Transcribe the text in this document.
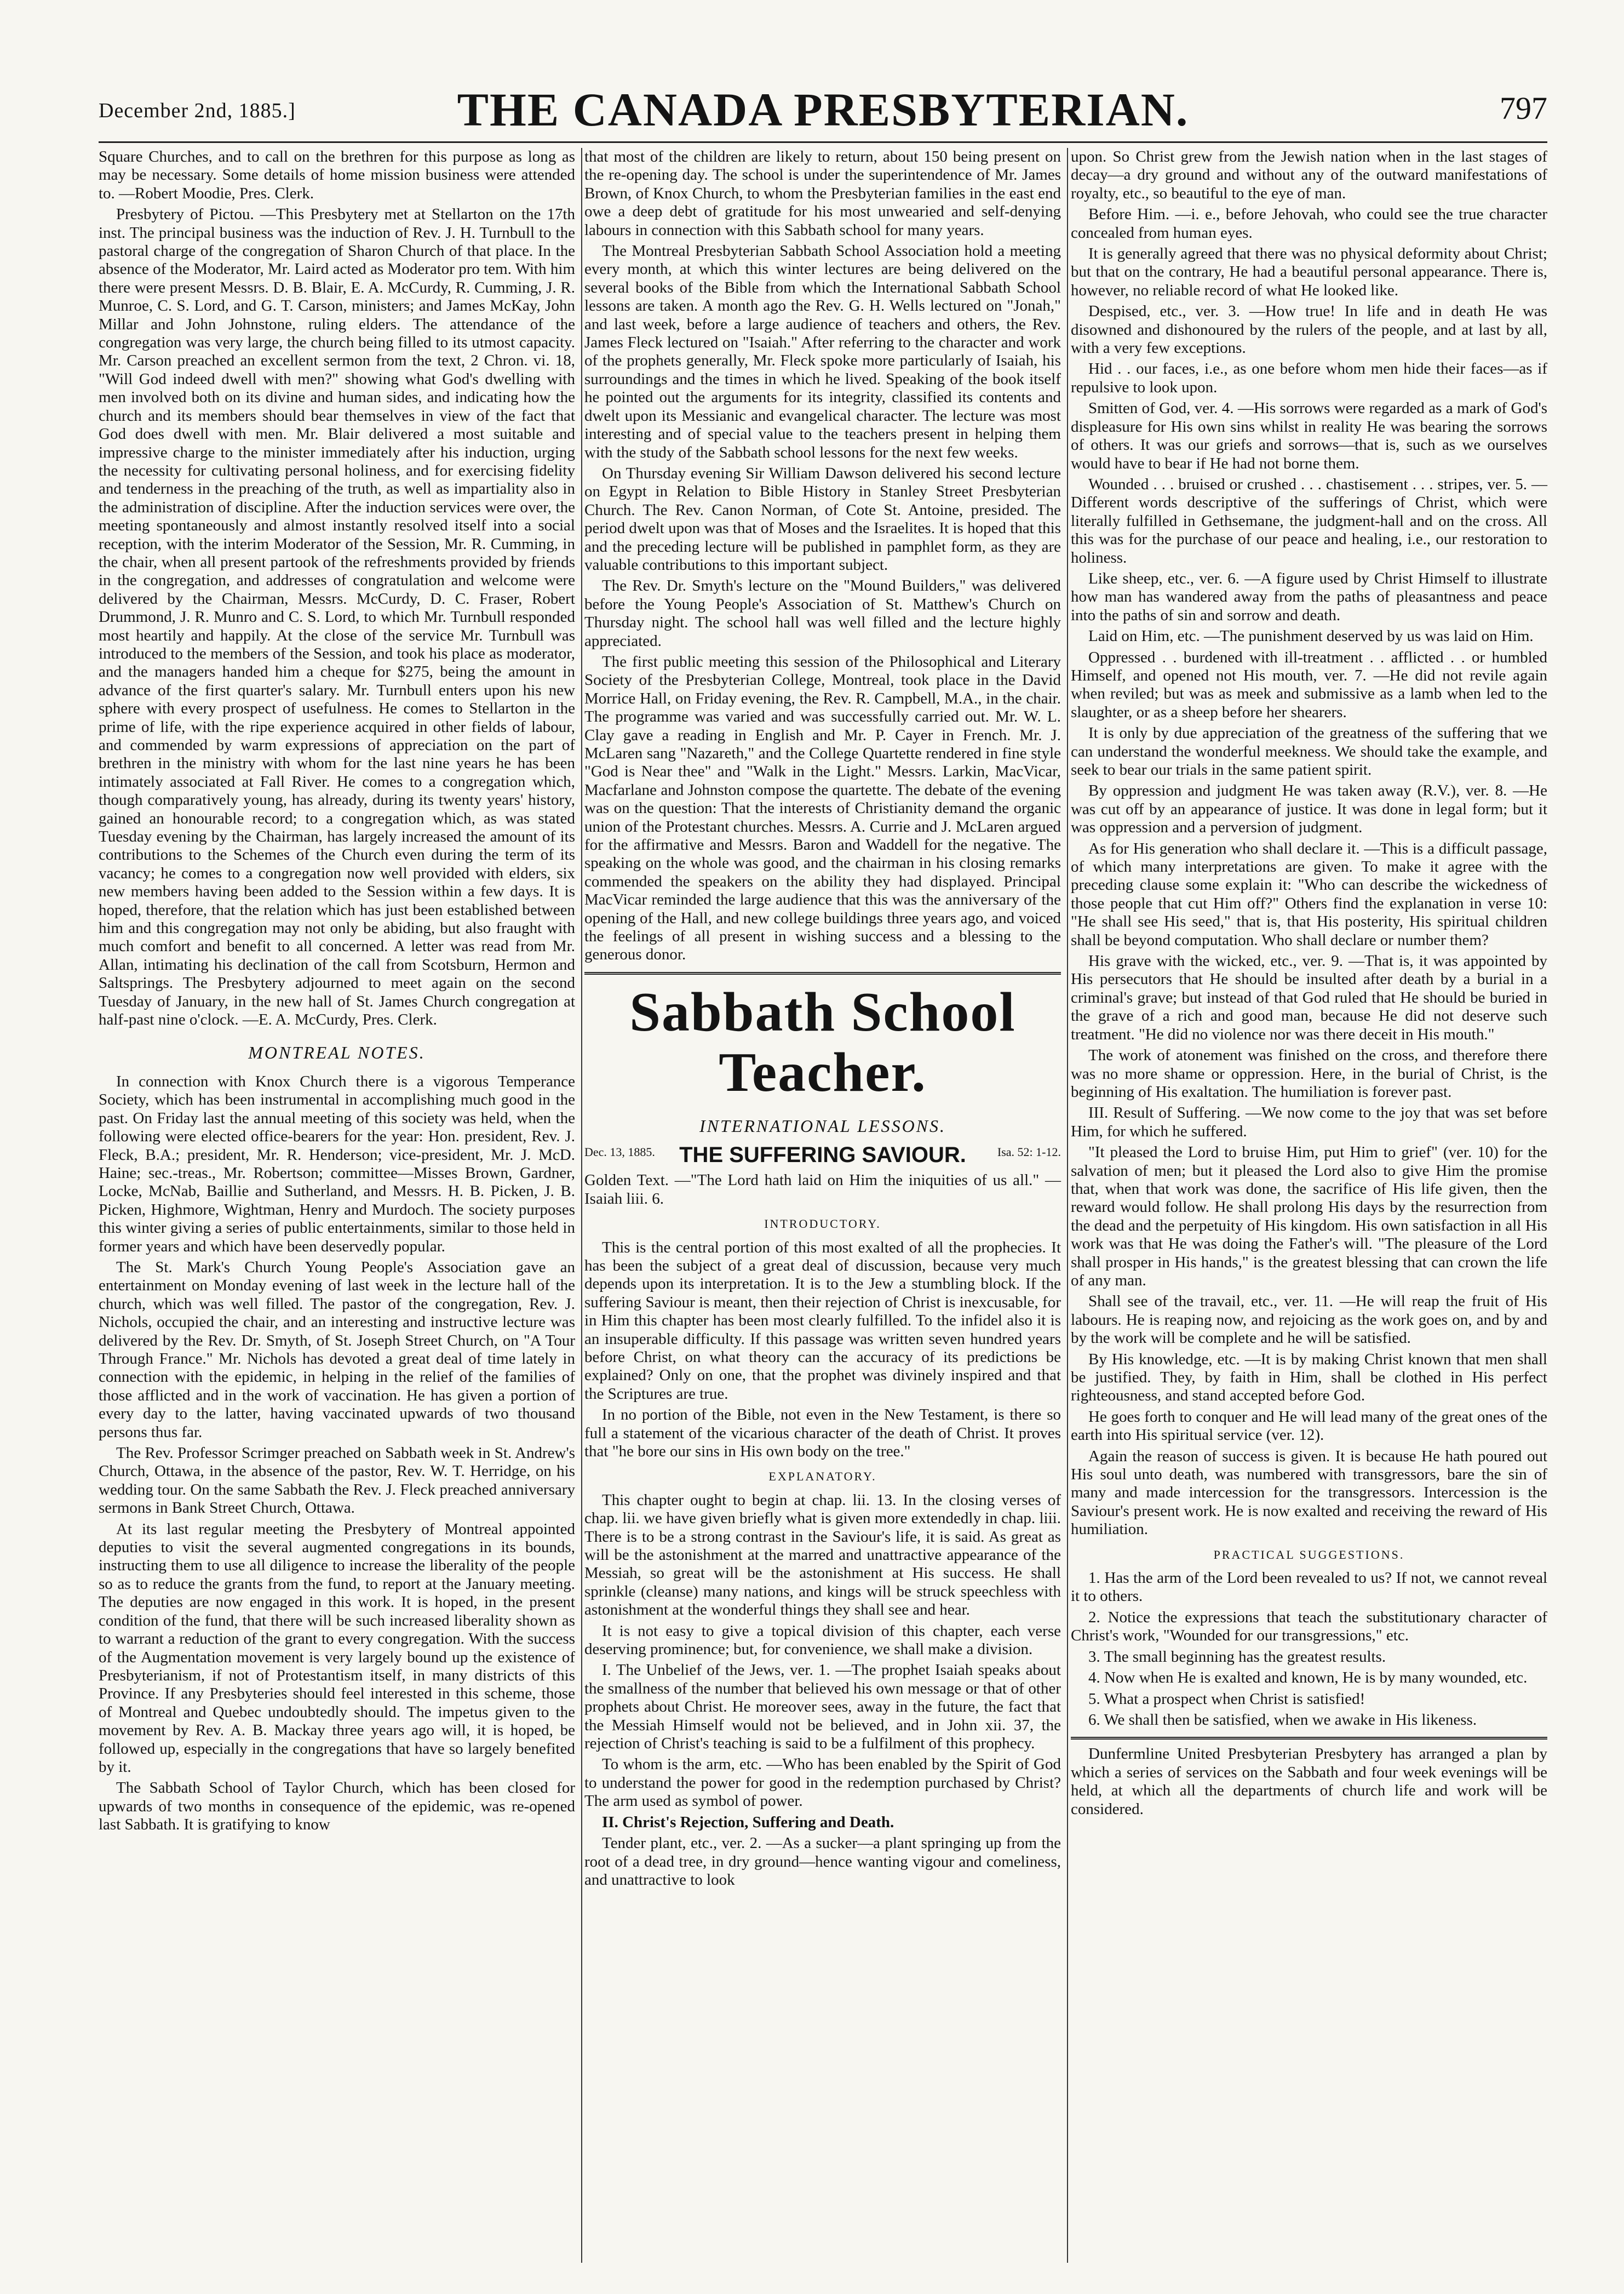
December 2nd, 1885.]	THE CANADA PRESBYTERIAN.	797

Square Churches, and to call on the brethren for this purpose as long as may be necessary. Some details of home mission business were attended to. —Robert Moodie, Pres. Clerk.

Presbytery of Pictou. —This Presbytery met at Stellarton on the 17th inst. The principal business was the induction of Rev. J. H. Turnbull to the pastoral charge of the congregation of Sharon Church of that place. In the absence of the Moderator, Mr. Laird acted as Moderator pro tem. With him there were present Messrs. D. B. Blair, E. A. McCurdy, R. Cumming, J. R. Munroe, C. S. Lord, and G. T. Carson, ministers; and James McKay, John Millar and John Johnstone, ruling elders. The attendance of the congregation was very large, the church being filled to its utmost capacity. Mr. Carson preached an excellent sermon from the text, 2 Chron. vi. 18, "Will God indeed dwell with men?" showing what God's dwelling with men involved both on its divine and human sides, and indicating how the church and its members should bear themselves in view of the fact that God does dwell with men. Mr. Blair delivered a most suitable and impressive charge to the minister immediately after his induction, urging the necessity for cultivating personal holiness, and for exercising fidelity and tenderness in the preaching of the truth, as well as impartiality also in the administration of discipline. After the induction services were over, the meeting spontaneously and almost instantly resolved itself into a social reception, with the interim Moderator of the Session, Mr. R. Cumming, in the chair, when all present partook of the refreshments provided by friends in the congregation, and addresses of congratulation and welcome were delivered by the Chairman, Messrs. McCurdy, D. C. Fraser, Robert Drummond, J. R. Munro and C. S. Lord, to which Mr. Turnbull responded most heartily and happily. At the close of the service Mr. Turnbull was introduced to the members of the Session, and took his place as moderator, and the managers handed him a cheque for $275, being the amount in advance of the first quarter's salary. Mr. Turnbull enters upon his new sphere with every prospect of usefulness. He comes to Stellarton in the prime of life, with the ripe experience acquired in other fields of labour, and commended by warm expressions of appreciation on the part of brethren in the ministry with whom for the last nine years he has been intimately associated at Fall River. He comes to a congregation which, though comparatively young, has already, during its twenty years' history, gained an honourable record; to a congregation which, as was stated Tuesday evening by the Chairman, has largely increased the amount of its contributions to the Schemes of the Church even during the term of its vacancy; he comes to a congregation now well provided with elders, six new members having been added to the Session within a few days. It is hoped, therefore, that the relation which has just been established between him and this congregation may not only be abiding, but also fraught with much comfort and benefit to all concerned. A letter was read from Mr. Allan, intimating his declination of the call from Scotsburn, Hermon and Saltsprings. The Presbytery adjourned to meet again on the second Tuesday of January, in the new hall of St. James Church congregation at half-past nine o'clock. —E. A. McCurdy, Pres. Clerk.

MONTREAL NOTES.

In connection with Knox Church there is a vigorous Temperance Society, which has been instrumental in accomplishing much good in the past. On Friday last the annual meeting of this society was held, when the following were elected office-bearers for the year: Hon. president, Rev. J. Fleck, B.A.; president, Mr. R. Henderson; vice-president, Mr. J. McD. Haine; sec.-treas., Mr. Robertson; committee—Misses Brown, Gardner, Locke, McNab, Baillie and Sutherland, and Messrs. H. B. Picken, J. B. Picken, Highmore, Wightman, Henry and Murdoch. The society purposes this winter giving a series of public entertainments, similar to those held in former years and which have been deservedly popular.

The St. Mark's Church Young People's Association gave an entertainment on Monday evening of last week in the lecture hall of the church, which was well filled. The pastor of the congregation, Rev. J. Nichols, occupied the chair, and an interesting and instructive lecture was delivered by the Rev. Dr. Smyth, of St. Joseph Street Church, on "A Tour Through France." Mr. Nichols has devoted a great deal of time lately in connection with the epidemic, in helping in the relief of the families of those afflicted and in the work of vaccination. He has given a portion of every day to the latter, having vaccinated upwards of two thousand persons thus far.

The Rev. Professor Scrimger preached on Sabbath week in St. Andrew's Church, Ottawa, in the absence of the pastor, Rev. W. T. Herridge, on his wedding tour. On the same Sabbath the Rev. J. Fleck preached anniversary sermons in Bank Street Church, Ottawa.

At its last regular meeting the Presbytery of Montreal appointed deputies to visit the several augmented congregations in its bounds, instructing them to use all diligence to increase the liberality of the people so as to reduce the grants from the fund, to report at the January meeting. The deputies are now engaged in this work. It is hoped, in the present condition of the fund, that there will be such increased liberality shown as to warrant a reduction of the grant to every congregation. With the success of the Augmentation movement is very largely bound up the existence of Presbyterianism, if not of Protestantism itself, in many districts of this Province. If any Presbyteries should feel interested in this scheme, those of Montreal and Quebec undoubtedly should. The impetus given to the movement by Rev. A. B. Mackay three years ago will, it is hoped, be followed up, especially in the congregations that have so largely benefited by it.

The Sabbath School of Taylor Church, which has been closed for upwards of two months in consequence of the epidemic, was re-opened last Sabbath. It is gratifying to know

that most of the children are likely to return, about 150 being present on the re-opening day. The school is under the superintendence of Mr. James Brown, of Knox Church, to whom the Presbyterian families in the east end owe a deep debt of gratitude for his most unwearied and self-denying labours in connection with this Sabbath school for many years.

The Montreal Presbyterian Sabbath School Association hold a meeting every month, at which this winter lectures are being delivered on the several books of the Bible from which the International Sabbath School lessons are taken. A month ago the Rev. G. H. Wells lectured on "Jonah," and last week, before a large audience of teachers and others, the Rev. James Fleck lectured on "Isaiah." After referring to the character and work of the prophets generally, Mr. Fleck spoke more particularly of Isaiah, his surroundings and the times in which he lived. Speaking of the book itself he pointed out the arguments for its integrity, classified its contents and dwelt upon its Messianic and evangelical character. The lecture was most interesting and of special value to the teachers present in helping them with the study of the Sabbath school lessons for the next few weeks.

On Thursday evening Sir William Dawson delivered his second lecture on Egypt in Relation to Bible History in Stanley Street Presbyterian Church. The Rev. Canon Norman, of Cote St. Antoine, presided. The period dwelt upon was that of Moses and the Israelites. It is hoped that this and the preceding lecture will be published in pamphlet form, as they are valuable contributions to this important subject.

The Rev. Dr. Smyth's lecture on the "Mound Builders," was delivered before the Young People's Association of St. Matthew's Church on Thursday night. The school hall was well filled and the lecture highly appreciated.

The first public meeting this session of the Philosophical and Literary Society of the Presbyterian College, Montreal, took place in the David Morrice Hall, on Friday evening, the Rev. R. Campbell, M.A., in the chair. The programme was varied and was successfully carried out. Mr. W. L. Clay gave a reading in English and Mr. P. Cayer in French. Mr. J. McLaren sang "Nazareth," and the College Quartette rendered in fine style "God is Near thee" and "Walk in the Light." Messrs. Larkin, MacVicar, Macfarlane and Johnston compose the quartette. The debate of the evening was on the question: That the interests of Christianity demand the organic union of the Protestant churches. Messrs. A. Currie and J. McLaren argued for the affirmative and Messrs. Baron and Waddell for the negative. The speaking on the whole was good, and the chairman in his closing remarks commended the speakers on the ability they had displayed. Principal MacVicar reminded the large audience that this was the anniversary of the opening of the Hall, and new college buildings three years ago, and voiced the feelings of all present in wishing success and a blessing to the generous donor.

Sabbath School Teacher.
INTERNATIONAL LESSONS.
Dec. 13, 1885.	THE SUFFERING SAVIOUR.	Isa. 52: 1-12.

Golden Text. —"The Lord hath laid on Him the iniquities of us all." —Isaiah liii. 6.

INTRODUCTORY.

This is the central portion of this most exalted of all the prophecies. It has been the subject of a great deal of discussion, because very much depends upon its interpretation. It is to the Jew a stumbling block. If the suffering Saviour is meant, then their rejection of Christ is inexcusable, for in Him this chapter has been most clearly fulfilled. To the infidel also it is an insuperable difficulty. If this passage was written seven hundred years before Christ, on what theory can the accuracy of its predictions be explained? Only on one, that the prophet was divinely inspired and that the Scriptures are true.

In no portion of the Bible, not even in the New Testament, is there so full a statement of the vicarious character of the death of Christ. It proves that "he bore our sins in His own body on the tree."

EXPLANATORY.

This chapter ought to begin at chap. lii. 13. In the closing verses of chap. lii. we have given briefly what is given more extendedly in chap. liii. There is to be a strong contrast in the Saviour's life, it is said. As great as will be the astonishment at the marred and unattractive appearance of the Messiah, so great will be the astonishment at His success. He shall sprinkle (cleanse) many nations, and kings will be struck speechless with astonishment at the wonderful things they shall see and hear.

It is not easy to give a topical division of this chapter, each verse deserving prominence; but, for convenience, we shall make a division.

I. The Unbelief of the Jews, ver. 1. —The prophet Isaiah speaks about the smallness of the number that believed his own message or that of other prophets about Christ. He moreover sees, away in the future, the fact that the Messiah Himself would not be believed, and in John xii. 37, the rejection of Christ's teaching is said to be a fulfilment of this prophecy.

To whom is the arm, etc. —Who has been enabled by the Spirit of God to understand the power for good in the redemption purchased by Christ? The arm used as symbol of power.

II. Christ's Rejection, Suffering and Death.

Tender plant, etc., ver. 2. —As a sucker—a plant springing up from the root of a dead tree, in dry ground—hence wanting vigour and comeliness, and unattractive to look

upon. So Christ grew from the Jewish nation when in the last stages of decay—a dry ground and without any of the outward manifestations of royalty, etc., so beautiful to the eye of man.

Before Him. —i. e., before Jehovah, who could see the true character concealed from human eyes.

It is generally agreed that there was no physical deformity about Christ; but that on the contrary, He had a beautiful personal appearance. There is, however, no reliable record of what He looked like.

Despised, etc., ver. 3. —How true! In life and in death He was disowned and dishonoured by the rulers of the people, and at last by all, with a very few exceptions.

Hid . . our faces, i.e., as one before whom men hide their faces—as if repulsive to look upon.

Smitten of God, ver. 4. —His sorrows were regarded as a mark of God's displeasure for His own sins whilst in reality He was bearing the sorrows of others. It was our griefs and sorrows—that is, such as we ourselves would have to bear if He had not borne them.

Wounded . . . bruised or crushed . . . chastisement . . . stripes, ver. 5. —Different words descriptive of the sufferings of Christ, which were literally fulfilled in Gethsemane, the judgment-hall and on the cross. All this was for the purchase of our peace and healing, i.e., our restoration to holiness.

Like sheep, etc., ver. 6. —A figure used by Christ Himself to illustrate how man has wandered away from the paths of pleasantness and peace into the paths of sin and sorrow and death.

Laid on Him, etc. —The punishment deserved by us was laid on Him.

Oppressed . . burdened with ill-treatment . . afflicted . . or humbled Himself, and opened not His mouth, ver. 7. —He did not revile again when reviled; but was as meek and submissive as a lamb when led to the slaughter, or as a sheep before her shearers.

It is only by due appreciation of the greatness of the suffering that we can understand the wonderful meekness. We should take the example, and seek to bear our trials in the same patient spirit.

By oppression and judgment He was taken away (R.V.), ver. 8. —He was cut off by an appearance of justice. It was done in legal form; but it was oppression and a perversion of judgment.

As for His generation who shall declare it. —This is a difficult passage, of which many interpretations are given. To make it agree with the preceding clause some explain it: "Who can describe the wickedness of those people that cut Him off?" Others find the explanation in verse 10: "He shall see His seed," that is, that His posterity, His spiritual children shall be beyond computation. Who shall declare or number them?

His grave with the wicked, etc., ver. 9. —That is, it was appointed by His persecutors that He should be insulted after death by a burial in a criminal's grave; but instead of that God ruled that He should be buried in the grave of a rich and good man, because He did not deserve such treatment. "He did no violence nor was there deceit in His mouth."

The work of atonement was finished on the cross, and therefore there was no more shame or oppression. Here, in the burial of Christ, is the beginning of His exaltation. The humiliation is forever past.

III. Result of Suffering. —We now come to the joy that was set before Him, for which he suffered.

"It pleased the Lord to bruise Him, put Him to grief" (ver. 10) for the salvation of men; but it pleased the Lord also to give Him the promise that, when that work was done, the sacrifice of His life given, then the reward would follow. He shall prolong His days by the resurrection from the dead and the perpetuity of His kingdom. His own satisfaction in all His work was that He was doing the Father's will. "The pleasure of the Lord shall prosper in His hands," is the greatest blessing that can crown the life of any man.

Shall see of the travail, etc., ver. 11. —He will reap the fruit of His labours. He is reaping now, and rejoicing as the work goes on, and by and by the work will be complete and he will be satisfied.

By His knowledge, etc. —It is by making Christ known that men shall be justified. They, by faith in Him, shall be clothed in His perfect righteousness, and stand accepted before God.

He goes forth to conquer and He will lead many of the great ones of the earth into His spiritual service (ver. 12).

Again the reason of success is given. It is because He hath poured out His soul unto death, was numbered with transgressors, bare the sin of many and made intercession for the transgressors. Intercession is the Saviour's present work. He is now exalted and receiving the reward of His humiliation.

PRACTICAL SUGGESTIONS.

1. Has the arm of the Lord been revealed to us? If not, we cannot reveal it to others.

2. Notice the expressions that teach the substitutionary character of Christ's work, "Wounded for our transgressions," etc.

3. The small beginning has the greatest results.

4. Now when He is exalted and known, He is by many wounded, etc.

5. What a prospect when Christ is satisfied!

6. We shall then be satisfied, when we awake in His likeness.

Dunfermline United Presbyterian Presbytery has arranged a plan by which a series of services on the Sabbath and four week evenings will be held, at which all the departments of church life and work will be considered.
